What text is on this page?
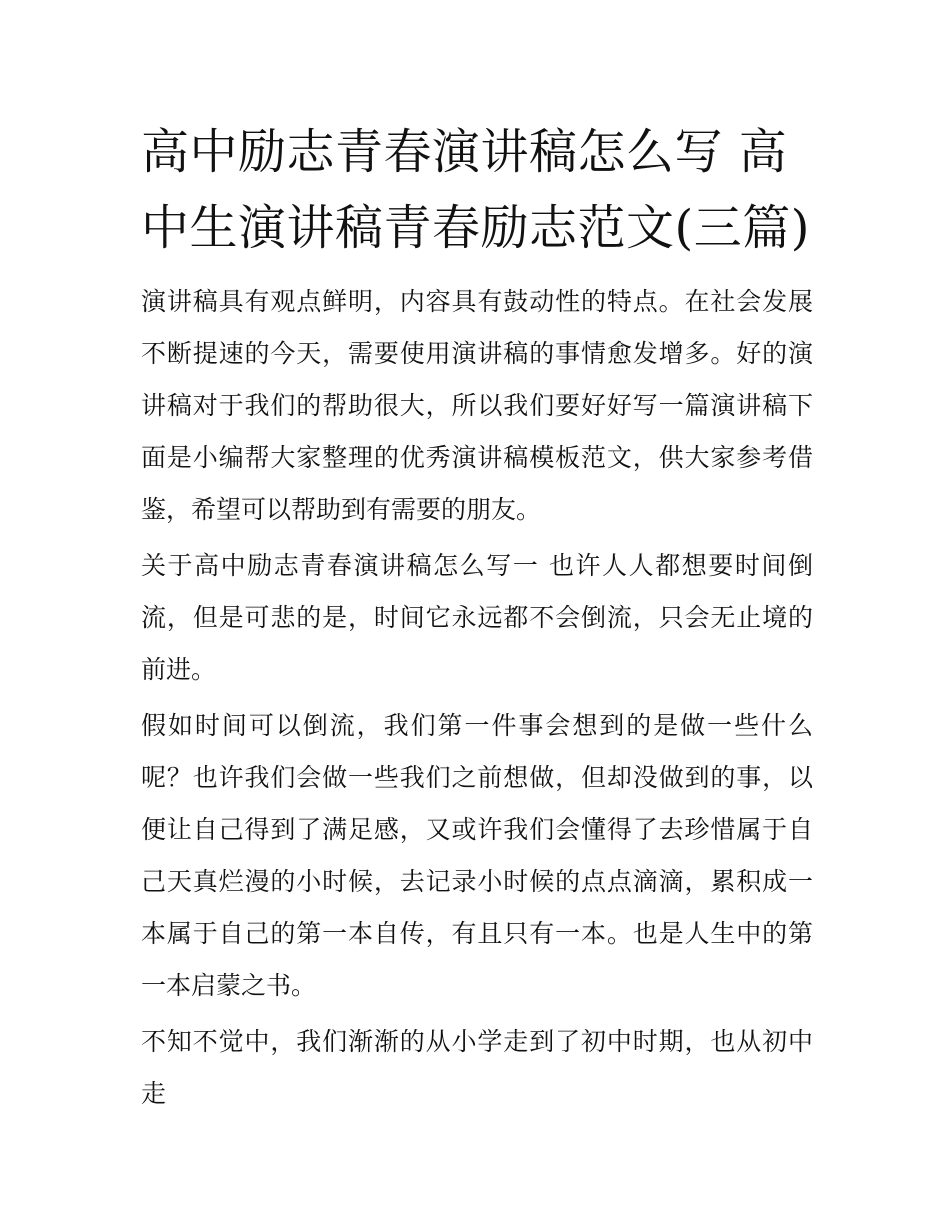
高中励志青春演讲稿怎么写 高中生演讲稿青春励志范文(三篇)

演讲稿具有观点鲜明，内容具有鼓动性的特点。在社会发展不断提速的今天，需要使用演讲稿的事情愈发增多。好的演讲稿对于我们的帮助很大，所以我们要好好写一篇演讲稿下面是小编帮大家整理的优秀演讲稿模板范文，供大家参考借鉴，希望可以帮助到有需要的朋友。

关于高中励志青春演讲稿怎么写一 也许人人都想要时间倒流，但是可悲的是，时间它永远都不会倒流，只会无止境的前进。

假如时间可以倒流，我们第一件事会想到的是做一些什么呢？也许我们会做一些我们之前想做，但却没做到的事，以便让自己得到了满足感，又或许我们会懂得了去珍惜属于自己天真烂漫的小时候，去记录小时候的点点滴滴，累积成一本属于自己的第一本自传，有且只有一本。也是人生中的第一本启蒙之书。

不知不觉中，我们渐渐的从小学走到了初中时期，也从初中走
